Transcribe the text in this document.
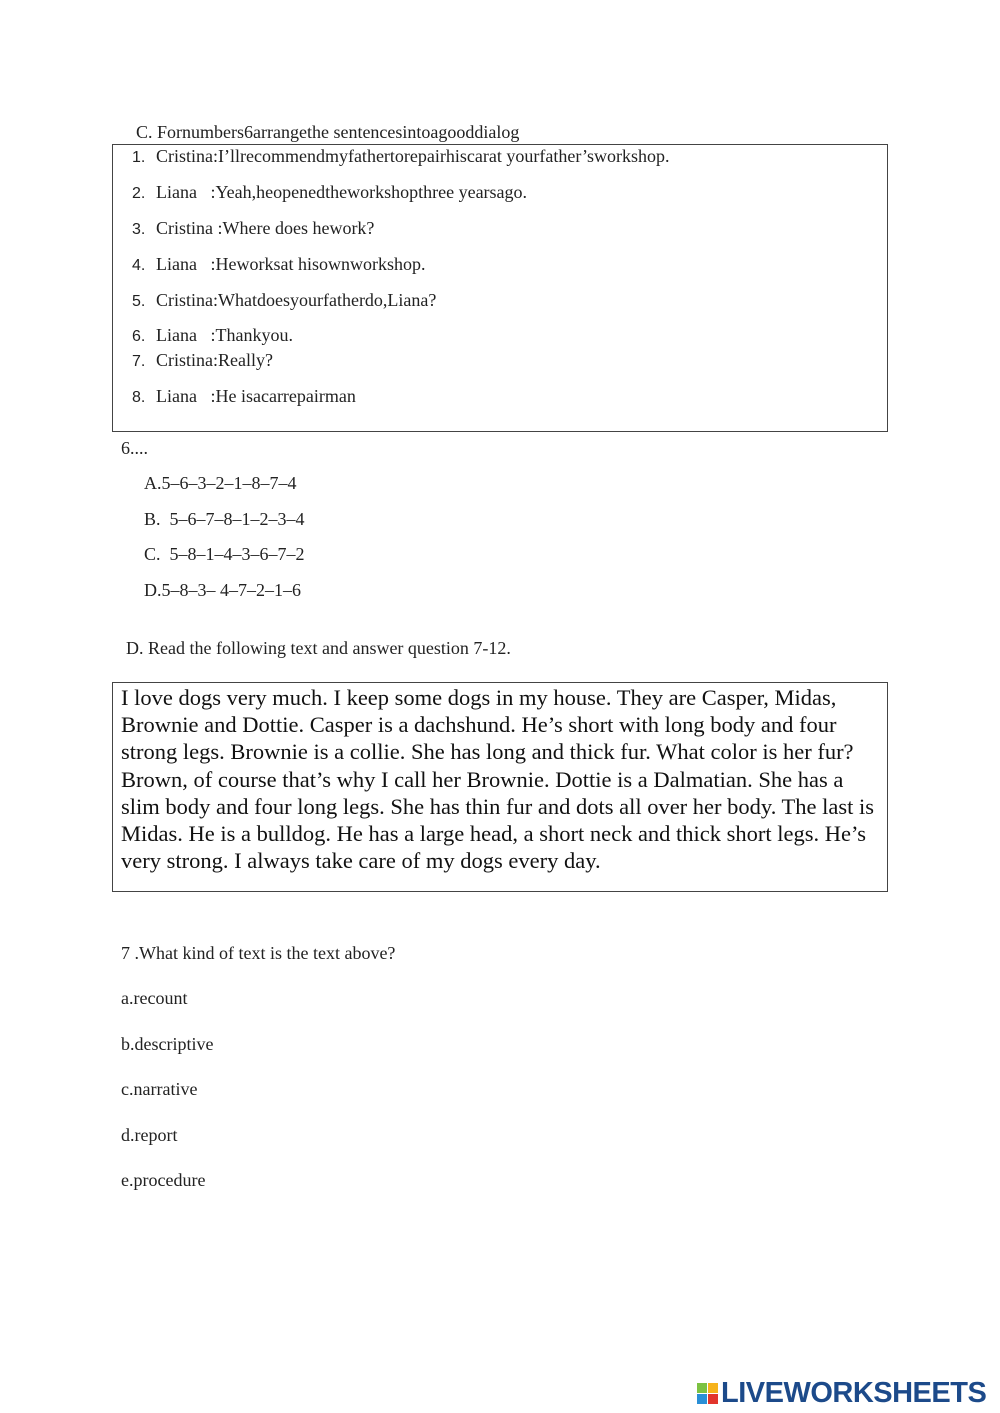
C. Fornumbers6arrangethe sentencesintoagooddialog
1. Cristina:I’llrecommendmyfathertorepairhiscarat yourfather’sworkshop.
2. Liana   :Yeah,heopenedtheworkshopthree yearsago.
3. Cristina :Where does hework?
4. Liana   :Heworksat hisownworkshop.
5. Cristina:Whatdoesyourfatherdo,Liana?
6. Liana   :Thankyou.
7. Cristina:Really?
8. Liana   :He isacarrepairman
6....
A.5–6–3–2–1–8–7–4
B.  5–6–7–8–1–2–3–4
C.  5–8–1–4–3–6–7–2
D.5–8–3– 4–7–2–1–6
D. Read the following text and answer question 7-12.
I love dogs very much. I keep some dogs in my house. They are Casper, Midas, Brownie and Dottie. Casper is a dachshund. He’s short with long body and four strong legs. Brownie is a collie. She has long and thick fur. What color is her fur? Brown, of course that’s why I call her Brownie. Dottie is a Dalmatian. She has a slim body and four long legs. She has thin fur and dots all over her body. The last is Midas. He is a bulldog. He has a large head, a short neck and thick short legs. He’s very strong. I always take care of my dogs every day.
7 .What kind of text is the text above?
a.recount
b.descriptive
c.narrative
d.report
e.procedure
LIVEWORKSHEETS
